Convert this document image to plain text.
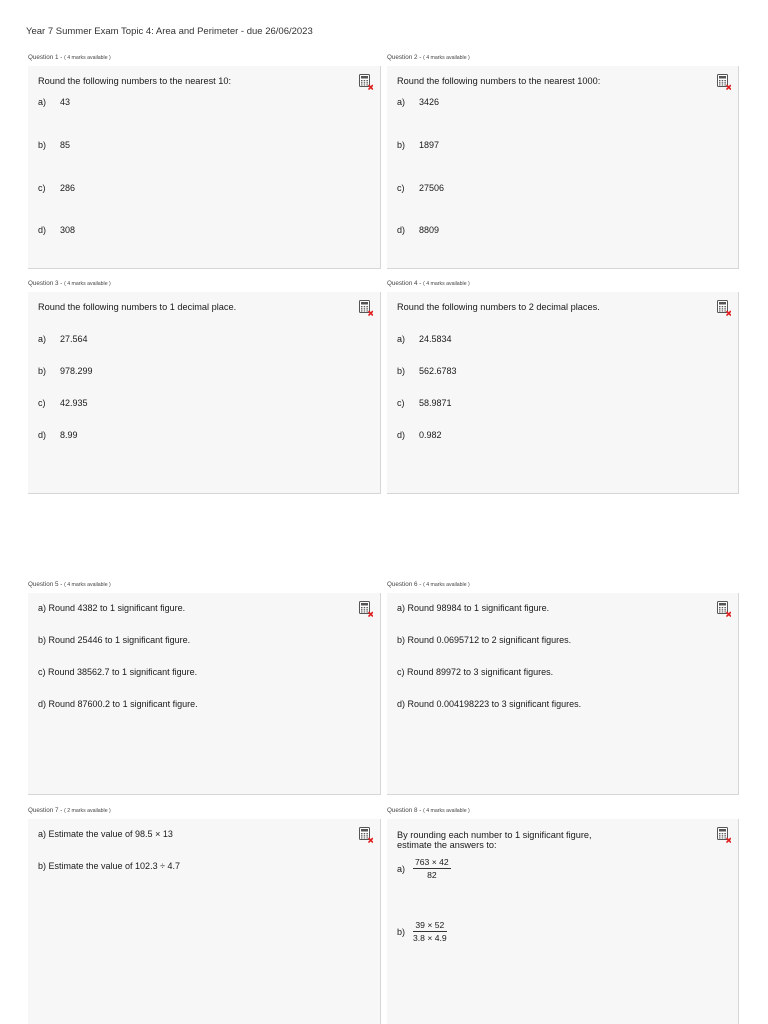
Year 7 Summer Exam Topic 4: Area and Perimeter - due 26/06/2023
Question 1 - ( 4 marks available )
Round the following numbers to the nearest 10:
a) 43
b) 85
c) 286
d) 308
Question 2 - ( 4 marks available )
Round the following numbers to the nearest 1000:
a) 3426
b) 1897
c) 27506
d) 8809
Question 3 - ( 4 marks available )
Round the following numbers to 1 decimal place.
a) 27.564
b) 978.299
c) 42.935
d) 8.99
Question 4 - ( 4 marks available )
Round the following numbers to 2 decimal places.
a) 24.5834
b) 562.6783
c) 58.9871
d) 0.982
Question 5 - ( 4 marks available )
a) Round 4382 to 1 significant figure.
b) Round 25446 to 1 significant figure.
c) Round 38562.7 to 1 significant figure.
d) Round 87600.2 to 1 significant figure.
Question 6 - ( 4 marks available )
a) Round 98984 to 1 significant figure.
b) Round 0.0695712 to 2 significant figures.
c) Round 89972 to 3 significant figures.
d) Round 0.004198223 to 3 significant figures.
Question 7 - ( 2 marks available )
a) Estimate the value of 98.5 × 13
b) Estimate the value of 102.3 ÷ 4.7
Question 8 - ( 4 marks available )
By rounding each number to 1 significant figure,
estimate the answers to:
$a) \frac{763 \times 42}{82}$
$b) \frac{39 \times 52}{3.8 \times 4.9}$
